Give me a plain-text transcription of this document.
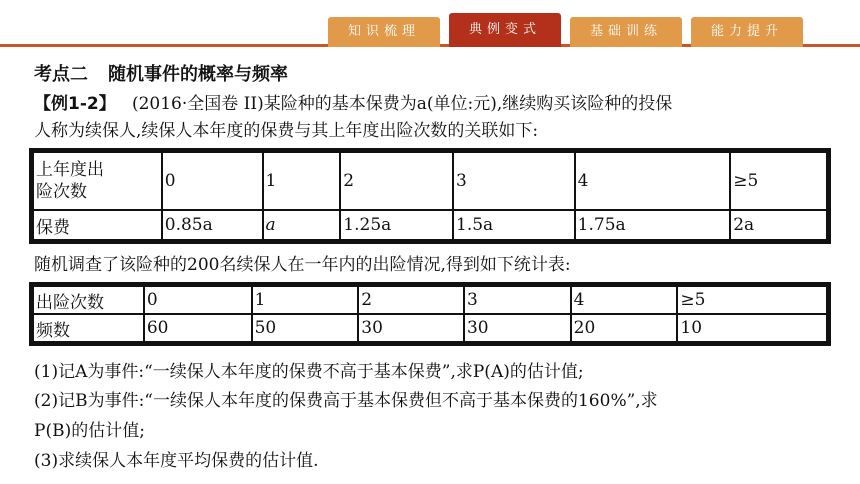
知识梳理	典例变式	基础训练	能力提升
考点二 随机事件的概率与频率
【例1-2】 (2016·全国卷 II)某险种的基本保费为a(单位:元),继续购买该险种的投保
人称为续保人,续保人本年度的保费与其上年度出险次数的关联如下:
上年度出
险次数	0	1	2	3	4	≥5
保费	0.85a	a	1.25a	1.5a	1.75a	2a
随机调查了该险种的200名续保人在一年内的出险情况,得到如下统计表:
出险次数	0	1	2	3	4	≥5
频数	60	50	30	30	20	10
(1)记A为事件:“一续保人本年度的保费不高于基本保费”,求P(A)的估计值;
(2)记B为事件:“一续保人本年度的保费高于基本保费但不高于基本保费的160%”,求
P(B)的估计值;
(3)求续保人本年度平均保费的估计值.
